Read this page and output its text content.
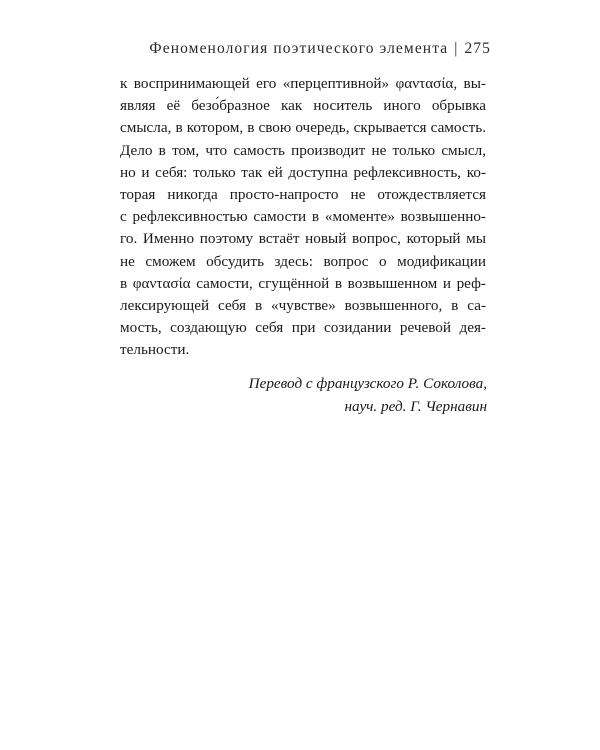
Феноменология поэтического элемента | 275
к воспринимающей его «перцептивной» φαντασία, вы-
являя её безо́бразное как носитель иного обрывка
смысла, в котором, в свою очередь, скрывается самость.
Дело в том, что самость производит не только смысл,
но и себя: только так ей доступна рефлексивность, ко-
торая никогда просто-напросто не отождествляется
с рефлексивностью самости в «моменте» возвышенно-
го. Именно поэтому встаёт новый вопрос, который мы
не сможем обсудить здесь: вопрос о модификации
в φαντασία самости, сгущённой в возвышенном и реф-
лексирующей себя в «чувстве» возвышенного, в са-
мость, создающую себя при созидании речевой дея-
тельности.
Перевод с французского Р. Соколова,
науч. ред. Г. Чернавин
